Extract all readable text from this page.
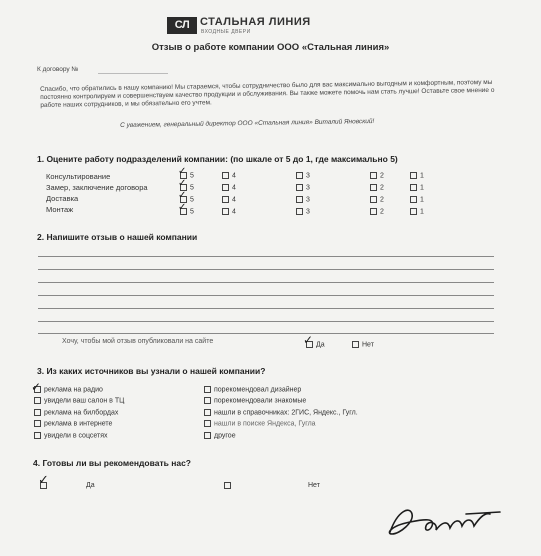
СЛ СТАЛЬНАЯ ЛИНИЯ
ВХОДНЫЕ ДВЕРИ
Отзыв о работе компании ООО «Стальная линия»
К договору №
Спасибо, что обратились в нашу компанию! Мы стараемся, чтобы сотрудничество было для вас максимально выгодным и комфортным, поэтому мы постоянно контролируем и совершенствуем качество продукции и обслуживания. Вы также можете помочь нам стать лучше! Оставьте свое мнение о работе наших сотрудников, и мы обязательно его учтем.
С уважением, генеральный директор ООО «Стальная линия» Виталий Яновский!
1. Оцените работу подразделений компании: (по шкале от 5 до 1, где максимально 5)
Консультирование	5	4	3	2	1
Замер, заключение договора	5	4	3	2	1
Доставка	5	4	3	2	1
Монтаж	5	4	3	2	1
✓
✓
✓
✓
2. Напишите отзыв о нашей компании
Хочу, чтобы мой отзыв опубликовали на сайте	Да	Нет
✓
3. Из каких источников вы узнали о нашей компании?
реклама на радио
увидели ваш салон в ТЦ
реклама на билбордах
реклама в интернете
увидели в соцсетях
порекомендовал дизайнер
порекомендовали знакомые
нашли в справочниках: 2ГИС, Яндекс., Гугл.
нашли в поиске Яндекса, Гугла
другое
✓
4. Готовы ли вы рекомендовать нас?
Да	Нет
✓
